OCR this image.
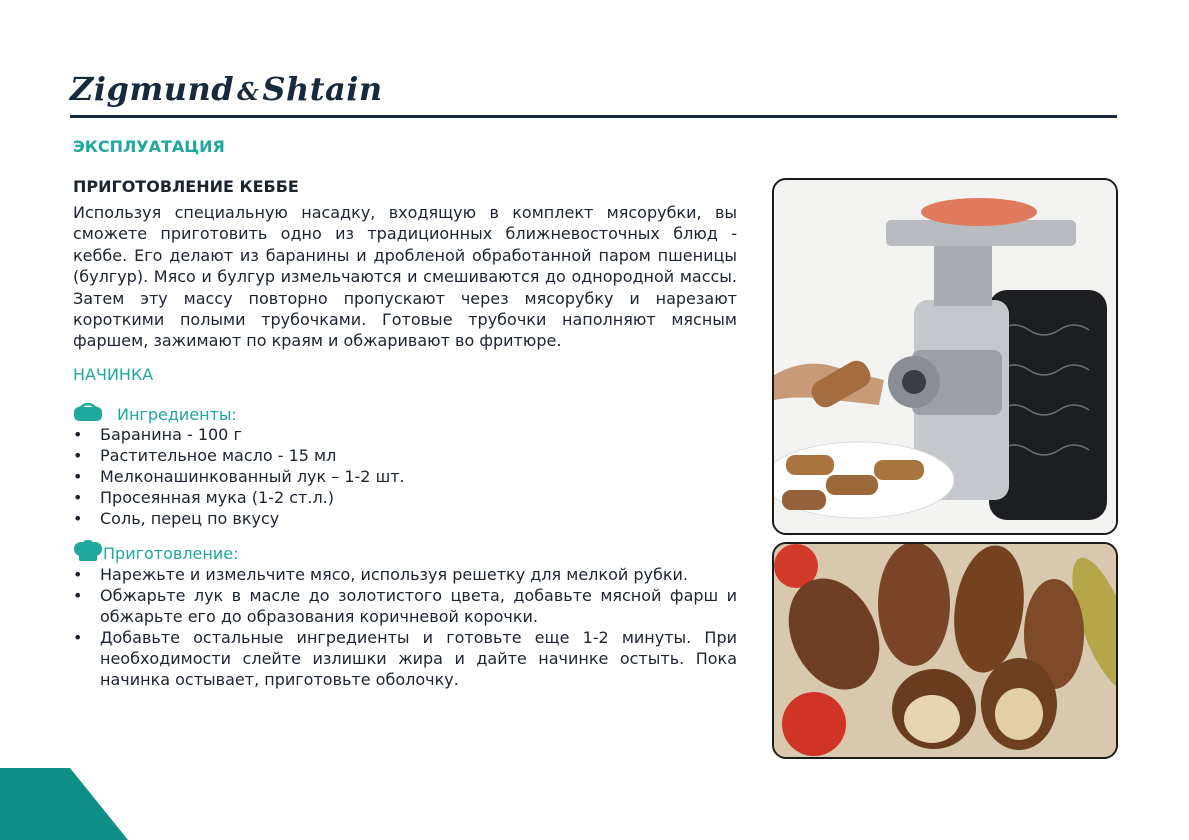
Zigmund &Shtain
ЭКСПЛУАТАЦИЯ
ПРИГОТОВЛЕНИЕ КЕББЕ

Используя специальную насадку, входящую в комплект мясорубки, вы сможете приготовить одно из традиционных ближневосточных блюд - кеббе. Его делают из баранины и дробленой обработанной паром пшеницы (булгур). Мясо и булгур измельчаются и смешиваются до однородной массы. Затем эту массу повторно пропускают через мясорубку и нарезают короткими полыми трубочками. Готовые трубочки наполняют мясным фаршем, зажимают по краям и обжаривают во фритюре.

НАЧИНКА
Ингредиенты:
• Баранина - 100 г
• Растительное масло - 15 мл
• Мелконашинкованный лук – 1-2 шт.
• Просеянная мука (1-2 ст.л.)
• Соль, перец по вкусу
Приготовление:
• Нарежьте и измельчите мясо, используя решетку для мелкой рубки.
• Обжарьте лук в масле до золотистого цвета, добавьте мясной фарш и обжарьте его до образования коричневой корочки.
• Добавьте остальные ингредиенты и готовьте еще 1-2 минуты. При необходимости слейте излишки жира и дайте начинке остыть. Пока начинка остывает, приготовьте оболочку.
